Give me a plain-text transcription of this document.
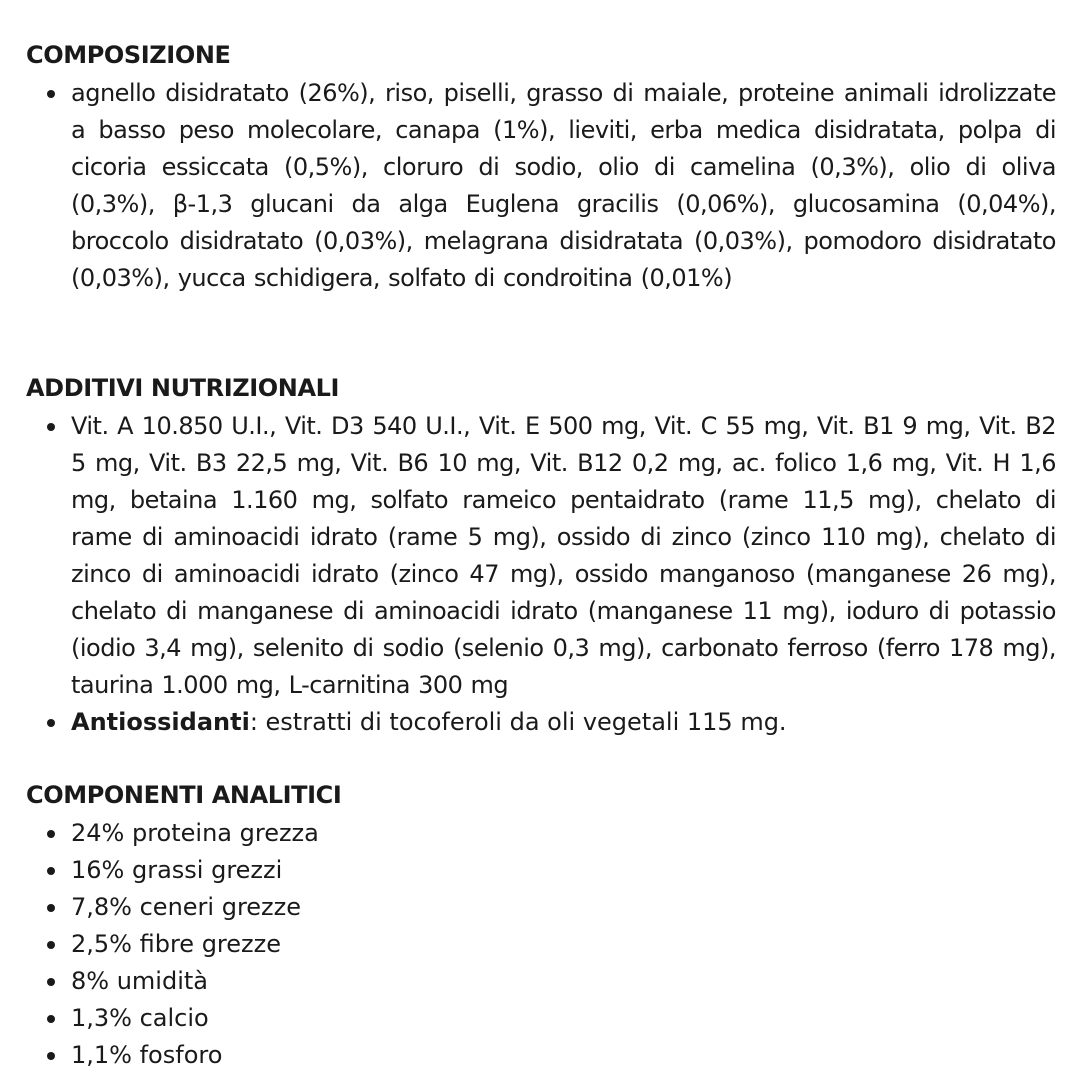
COMPOSIZIONE
agnello disidratato (26%), riso, piselli, grasso di maiale, proteine animali idrolizzate a basso peso molecolare, canapa (1%), lieviti, erba medica disidratata, polpa di cicoria essiccata (0,5%), cloruro di sodio, olio di camelina (0,3%), olio di oliva (0,3%), β-1,3 glucani da alga Euglena gracilis (0,06%), glucosamina (0,04%), broccolo disidratato (0,03%), melagrana disidratata (0,03%), pomodoro disidratato (0,03%), yucca schidigera, solfato di condroitina (0,01%)
ADDITIVI NUTRIZIONALI
Vit. A 10.850 U.I., Vit. D3 540 U.I., Vit. E 500 mg, Vit. C 55 mg, Vit. B1 9 mg, Vit. B2 5 mg, Vit. B3 22,5 mg, Vit. B6 10 mg, Vit. B12 0,2 mg, ac. folico 1,6 mg, Vit. H 1,6 mg, betaina 1.160 mg, solfato rameico pentaidrato (rame 11,5 mg), chelato di rame di aminoacidi idrato (rame 5 mg), ossido di zinco (zinco 110 mg), chelato di zinco di aminoacidi idrato (zinco 47 mg), ossido manganoso (manganese 26 mg), chelato di manganese di aminoacidi idrato (manganese 11 mg), ioduro di potassio (iodio 3,4 mg), selenito di sodio (selenio 0,3 mg), carbonato ferroso (ferro 178 mg), taurina 1.000 mg, L-carnitina 300 mg
Antiossidanti: estratti di tocoferoli da oli vegetali 115 mg.
COMPONENTI ANALITICI
24% proteina grezza
16% grassi grezzi
7,8% ceneri grezze
2,5% fibre grezze
8% umidità
1,3% calcio
1,1% fosforo
